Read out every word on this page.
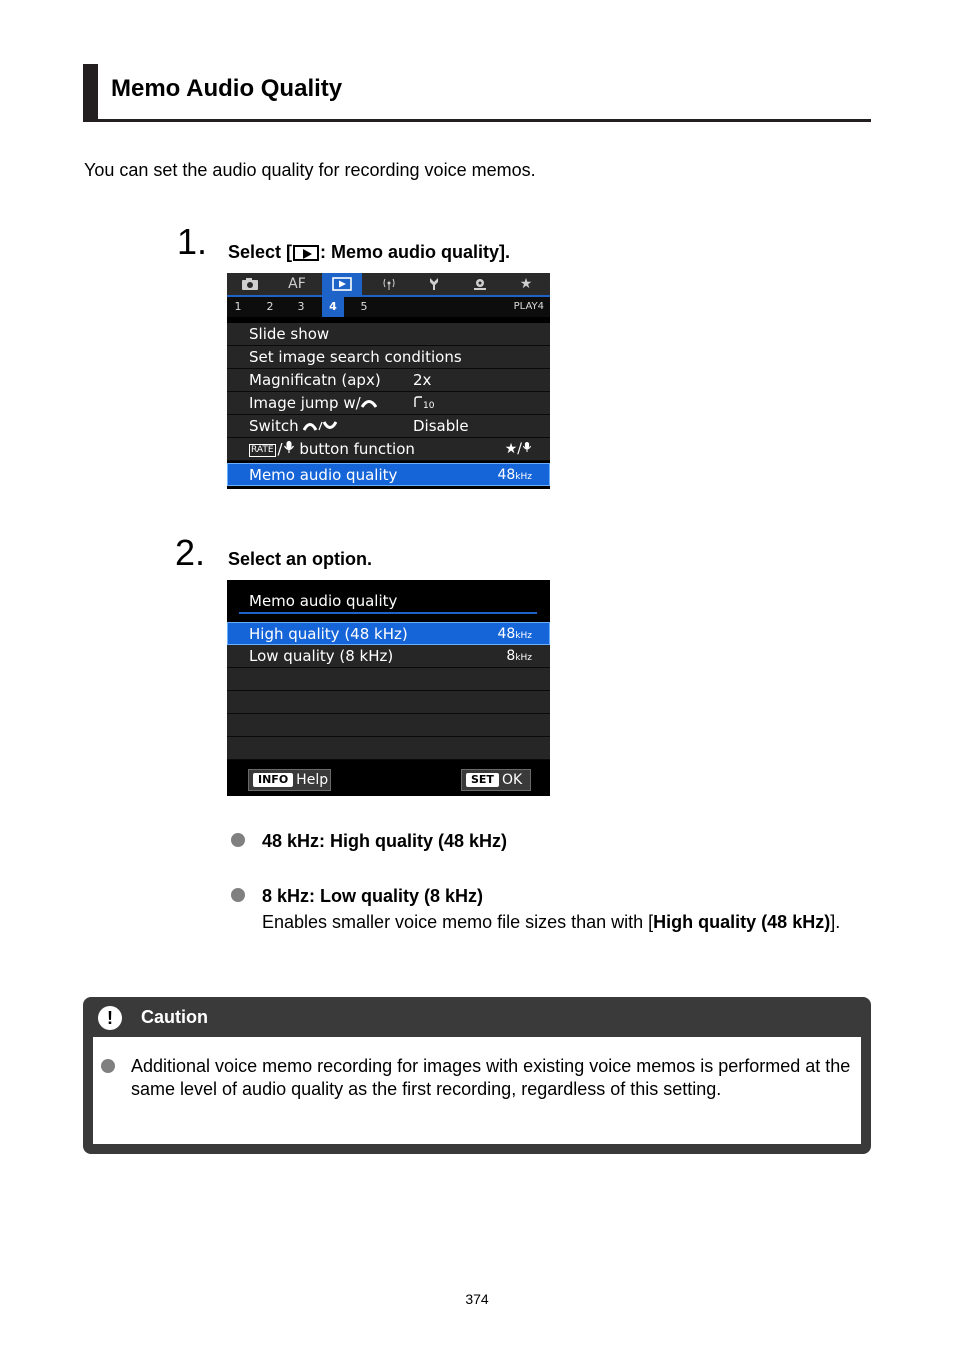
Memo Audio Quality
You can set the audio quality for recording voice memos.
1. Select [ : Memo audio quality].
AF	★
1	2	3	4	5	PLAY4
Slide show
Set image search conditions
Magnificatn (apx) 2x
Image jump w/	10
Switch	Disable
RATE / button function	★/
Memo audio quality	48kHz
2. Select an option.
Memo audio quality
High quality (48 kHz)	48kHz
Low quality (8 kHz)	8kHz
INFO Help	SET OK
48 kHz: High quality (48 kHz)
8 kHz: Low quality (8 kHz)
Enables smaller voice memo file sizes than with [High quality (48 kHz)].
!	Caution
Additional voice memo recording for images with existing voice memos is performed at the same level of audio quality as the first recording, regardless of this setting.
374
